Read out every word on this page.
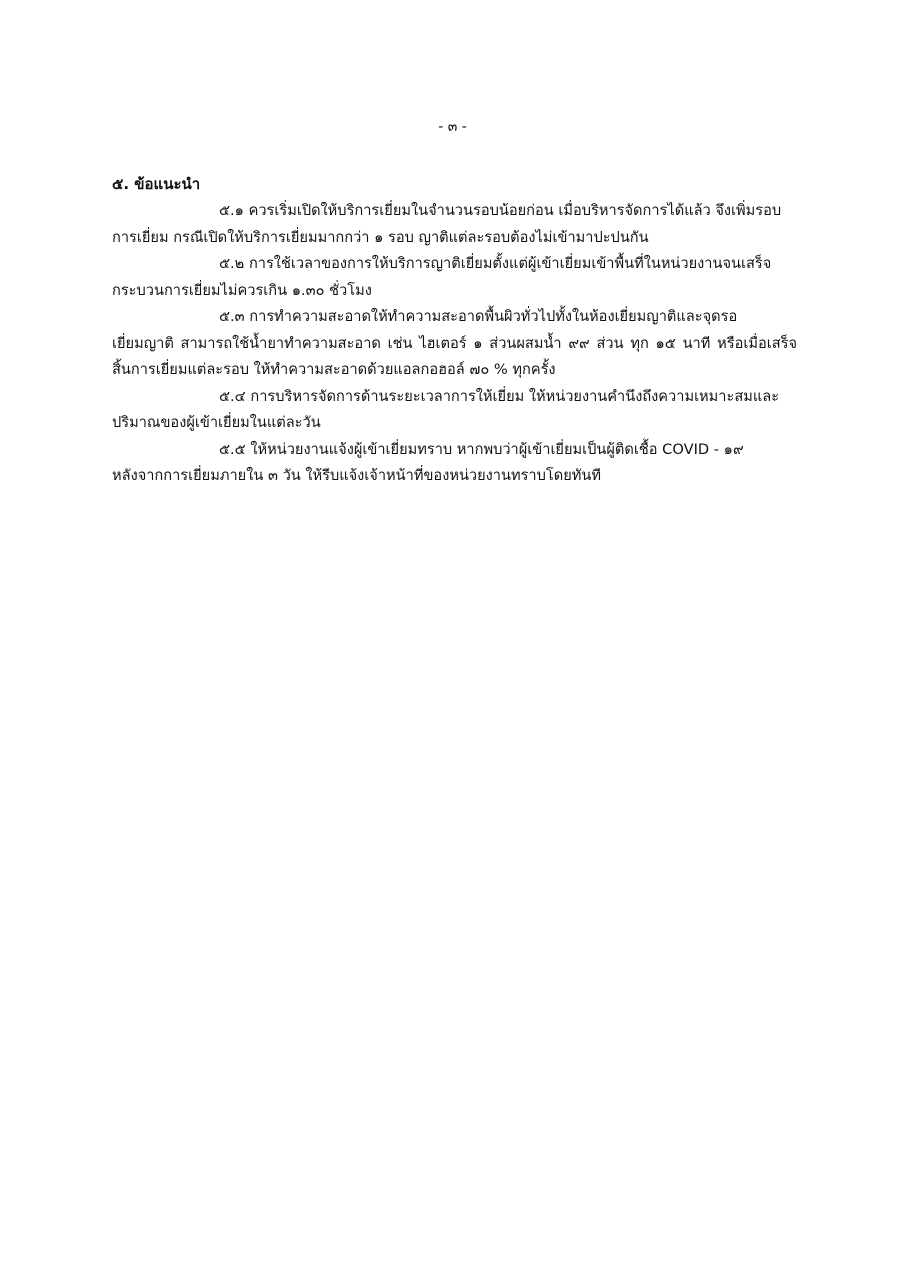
- ๓ -

๕. ข้อแนะนำ

๕.๑ ควรเริ่มเปิดให้บริการเยี่ยมในจำนวนรอบน้อยก่อน เมื่อบริหารจัดการได้แล้ว จึงเพิ่มรอบ
การเยี่ยม กรณีเปิดให้บริการเยี่ยมมากกว่า ๑ รอบ ญาติแต่ละรอบต้องไม่เข้ามาปะปนกัน

๕.๒ การใช้เวลาของการให้บริการญาติเยี่ยมตั้งแต่ผู้เข้าเยี่ยมเข้าพื้นที่ในหน่วยงานจนเสร็จ
กระบวนการเยี่ยมไม่ควรเกิน ๑.๓๐ ชั่วโมง

๕.๓ การทำความสะอาดให้ทำความสะอาดพื้นผิวทั่วไปทั้งในห้องเยี่ยมญาติและจุดรอ
เยี่ยมญาติ สามารถใช้น้ำยาทำความสะอาด เช่น ไฮเตอร์ ๑ ส่วนผสมน้ำ ๙๙ ส่วน ทุก ๑๕ นาที หรือเมื่อเสร็จ สิ้นการเยี่ยมแต่ละรอบ ให้ทำความสะอาดด้วยแอลกอฮอล์ ๗๐ % ทุกครั้ง

๕.๔ การบริหารจัดการด้านระยะเวลาการให้เยี่ยม ให้หน่วยงานคำนึงถึงความเหมาะสมและ
ปริมาณของผู้เข้าเยี่ยมในแต่ละวัน

๕.๕ ให้หน่วยงานแจ้งผู้เข้าเยี่ยมทราบ หากพบว่าผู้เข้าเยี่ยมเป็นผู้ติดเชื้อ COVID - ๑๙
หลังจากการเยี่ยมภายใน ๓ วัน ให้รีบแจ้งเจ้าหน้าที่ของหน่วยงานทราบโดยทันที
